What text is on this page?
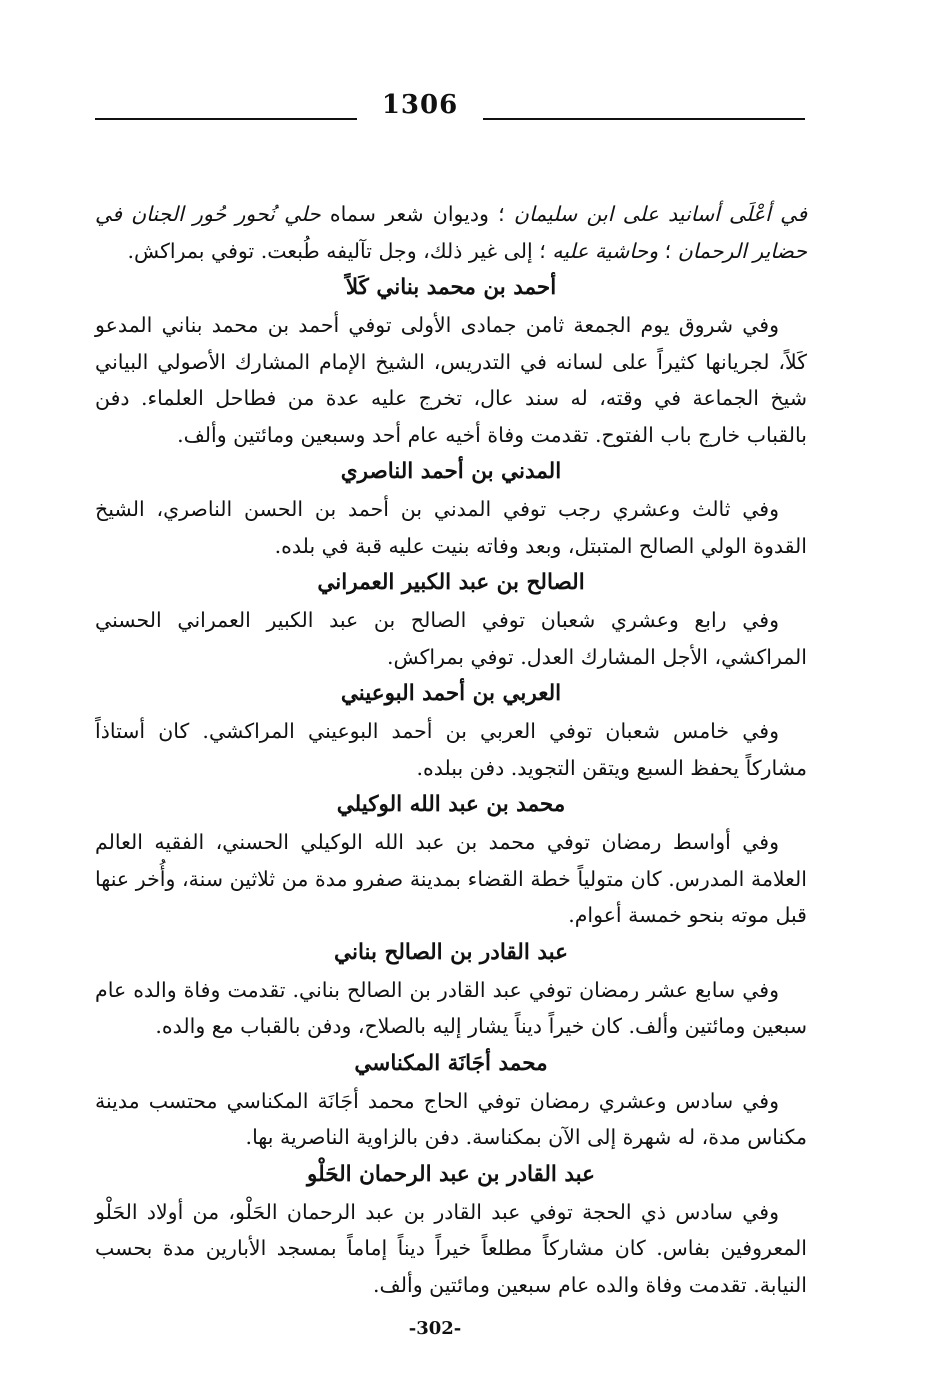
1306

في أعْلَى أسانيد على ابن سليمان ؛ وديوان شعر سماه حلي نُحور حُور الجنان في حضاير الرحمان ؛ وحاشية عليه ؛ إلى غير ذلك، وجل تآليفه طُبعت. توفي بمراكش.

أحمد بن محمد بناني كَلاً

وفي شروق يوم الجمعة ثامن جمادى الأولى توفي أحمد بن محمد بناني المدعو كَلاً، لجريانها كثيراً على لسانه في التدريس، الشيخ الإمام المشارك الأصولي البياني شيخ الجماعة في وقته، له سند عال، تخرج عليه عدة من فطاحل العلماء. دفن بالقباب خارج باب الفتوح. تقدمت وفاة أخيه عام أحد وسبعين ومائتين وألف.

المدني بن أحمد الناصري

وفي ثالث وعشري رجب توفي المدني بن أحمد بن الحسن الناصري، الشيخ القدوة الولي الصالح المتبتل، وبعد وفاته بنيت عليه قبة في بلده.

الصالح بن عبد الكبير العمراني

وفي رابع وعشري شعبان توفي الصالح بن عبد الكبير العمراني الحسني المراكشي، الأجل المشارك العدل. توفي بمراكش.

العربي بن أحمد البوعيني

وفي خامس شعبان توفي العربي بن أحمد البوعيني المراكشي. كان أستاذاً مشاركاً يحفظ السبع ويتقن التجويد. دفن ببلده.

محمد بن عبد الله الوكيلي

وفي أواسط رمضان توفي محمد بن عبد الله الوكيلي الحسني، الفقيه العالم العلامة المدرس. كان متولياً خطة القضاء بمدينة صفرو مدة من ثلاثين سنة، وأُخر عنها قبل موته بنحو خمسة أعوام.

عبد القادر بن الصالح بناني

وفي سابع عشر رمضان توفي عبد القادر بن الصالح بناني. تقدمت وفاة والده عام سبعين ومائتين وألف. كان خيراً ديناً يشار إليه بالصلاح، ودفن بالقباب مع والده.

محمد أجَانَة المكناسي

وفي سادس وعشري رمضان توفي الحاج محمد أجَانَة المكناسي محتسب مدينة مكناس مدة، له شهرة إلى الآن بمكناسة. دفن بالزاوية الناصرية بها.

عبد القادر بن عبد الرحمان الحَلْو

وفي سادس ذي الحجة توفي عبد القادر بن عبد الرحمان الحَلْو، من أولاد الحَلْو المعروفين بفاس. كان مشاركاً مطلعاً خيراً ديناً إماماً بمسجد الأبارين مدة بحسب النيابة. تقدمت وفاة والده عام سبعين ومائتين وألف.

-302-
